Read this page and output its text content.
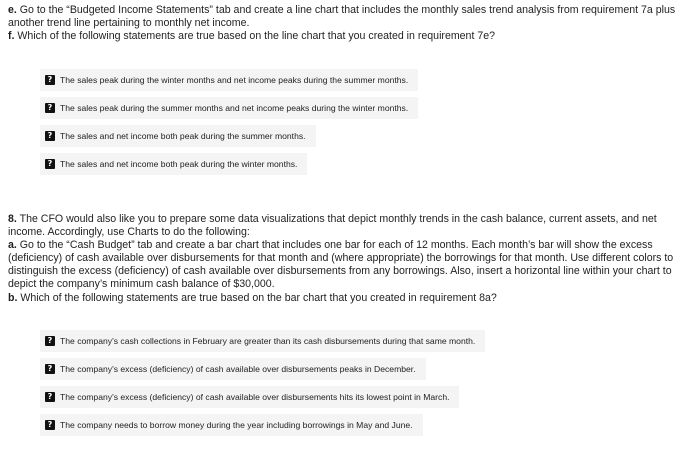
e. Go to the “Budgeted Income Statements” tab and create a line chart that includes the monthly sales trend analysis from requirement 7a plus another trend line pertaining to monthly net income.

f. Which of the following statements are true based on the line chart that you created in requirement 7e?

? The sales peak during the winter months and net income peaks during the summer months.
? The sales peak during the summer months and net income peaks during the winter months.
? The sales and net income both peak during the summer months.
? The sales and net income both peak during the winter months.

8. The CFO would also like you to prepare some data visualizations that depict monthly trends in the cash balance, current assets, and net income. Accordingly, use Charts to do the following:

a. Go to the “Cash Budget” tab and create a bar chart that includes one bar for each of 12 months. Each month’s bar will show the excess (deficiency) of cash available over disbursements for that month and (where appropriate) the borrowings for that month. Use different colors to distinguish the excess (deficiency) of cash available over disbursements from any borrowings. Also, insert a horizontal line within your chart to depict the company’s minimum cash balance of $30,000.

b. Which of the following statements are true based on the bar chart that you created in requirement 8a?

? The company's cash collections in February are greater than its cash disbursements during that same month.
? The company's excess (deficiency) of cash available over disbursements peaks in December.
? The company's excess (deficiency) of cash available over disbursements hits its lowest point in March.
? The company needs to borrow money during the year including borrowings in May and June.
